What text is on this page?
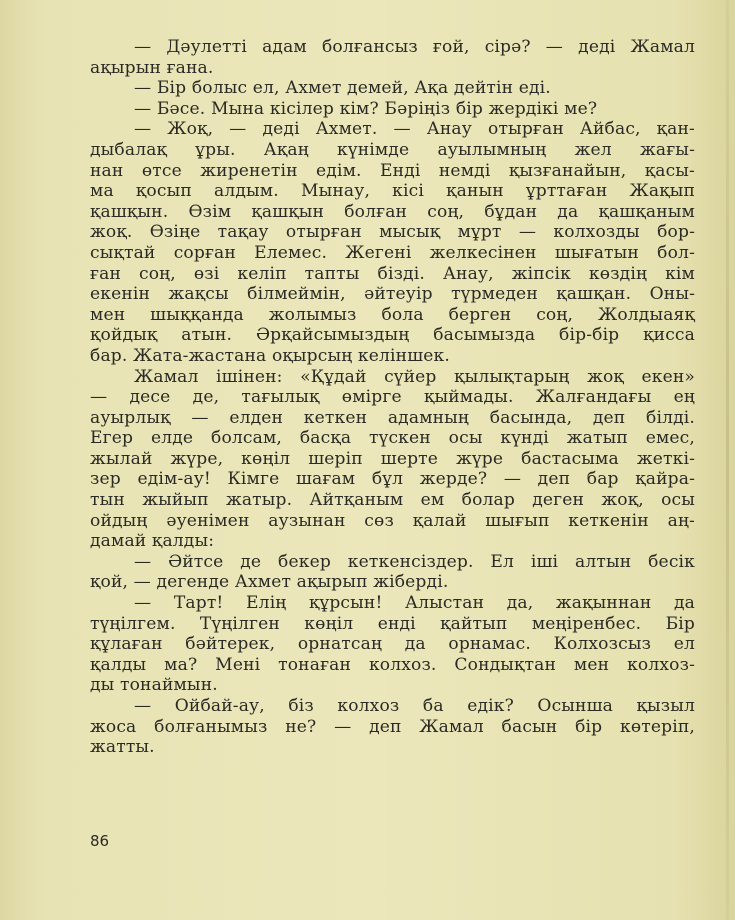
— Дәулетті адам болғансыз ғой, сірә? — деді Жамал
ақырын ғана.
— Бір болыс ел, Ахмет демей, Ақа дейтін еді.
— Бәсе. Мына кісілер кім? Бәріңіз бір жердікі ме?
— Жоқ, — деді Ахмет. — Анау отырған Айбас, қан-
дыбалақ ұры. Ақаң күнімде ауылымның жел жағы-
нан өтсе жиренетін едім. Енді немді қызғанайын, қасы-
ма қосып алдым. Мынау, кісі қанын ұрттаған Жақып
қашқын. Өзім қашқын болған соң, бұдан да қашқаным
жоқ. Өзіңе тақау отырған мысық мұрт — колхозды бор-
сықтай сорған Елемес. Жегені желкесінен шығатын бол-
ған соң, өзі келіп тапты бізді. Анау, жіпсік көздің кім
екенін жақсы білмеймін, әйтеуір түрмеден қашқан. Оны-
мен шыққанда жолымыз бола берген соң, Жолдыаяқ
қойдық атын. Әрқайсымыздың басымызда бір-бір қисса
бар. Жата-жастана оқырсың келіншек.
Жамал ішінен: «Құдай сүйер қылықтарың жоқ екен»
— десе де, тағылық өмірге қыймады. Жалғандағы ең
ауырлық — елден кеткен адамның басында, деп білді.
Егер елде болсам, басқа түскен осы күнді жатып емес,
жылай жүре, көңіл шеріп шерте жүре бастасыма жеткі-
зер едім-ау! Кімге шағам бұл жерде? — деп бар қайра-
тын жыйып жатыр. Айтқаным ем болар деген жоқ, осы
ойдың әуенімен аузынан сөз қалай шығып кеткенін аң-
дамай қалды:
— Әйтсе де бекер кеткенсіздер. Ел іші алтын бесік
қой, — дегенде Ахмет ақырып жіберді.
— Тарт! Елің құрсын! Алыстан да, жақыннан да
түңілгем. Түңілген көңіл енді қайтып меңіренбес. Бір
құлаған бәйтерек, орнатсаң да орнамас. Колхозсыз ел
қалды ма? Мені тонаған колхоз. Сондықтан мен колхоз-
ды тонаймын.
— Ойбай-ау, біз колхоз ба едік? Осынша қызыл
жоса болғанымыз не? — деп Жамал басын бір көтеріп,
жатты.
86
